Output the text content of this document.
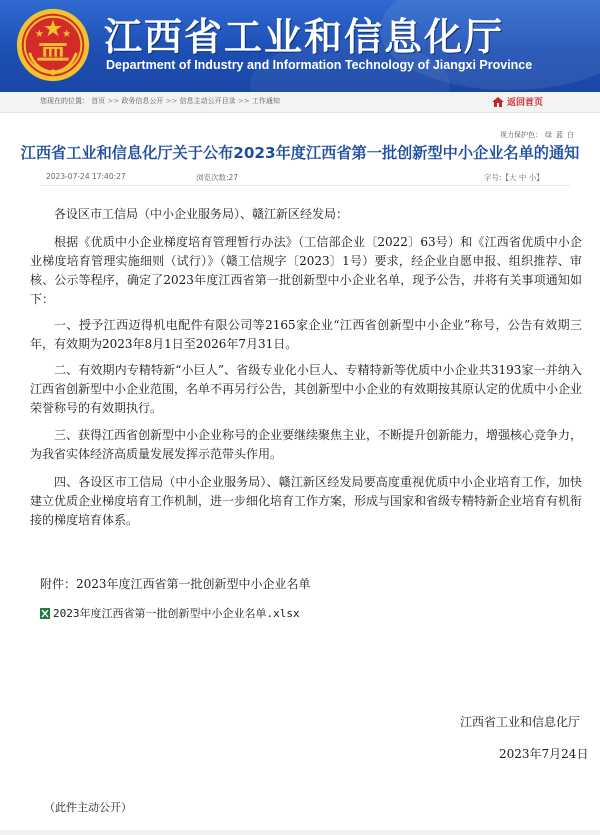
江西省工业和信息化厅
Department of Industry and Information Technology of Jiangxi Province
您现在的位置： 首页 >> 政务信息公开 >> 信息主动公开目录 >> 工作通知	返回首页
视力保护色： 绿 蓝 白
江西省工业和信息化厅关于公布2023年度江西省第一批创新型中小企业名单的通知
2023-07-24 17:40:27	浏览次数:27	字号:【大 中 小】
各设区市工信局（中小企业服务局）、赣江新区经发局：
根据《优质中小企业梯度培育管理暂行办法》（工信部企业〔2022〕63号）和《江西省优质中小企业梯度培育管理实施细则（试行）》（赣工信规字〔2023〕1号）要求，经企业自愿申报、组织推荐、审核、公示等程序，确定了2023年度江西省第一批创新型中小企业名单，现予公告，并将有关事项通知如下：
一、授予江西迈得机电配件有限公司等2165家企业“江西省创新型中小企业”称号，公告有效期三年，有效期为2023年8月1日至2026年7月31日。
二、有效期内专精特新“小巨人”、省级专业化小巨人、专精特新等优质中小企业共3193家一并纳入江西省创新型中小企业范围，名单不再另行公告，其创新型中小企业的有效期按其原认定的优质中小企业荣誉称号的有效期执行。
三、获得江西省创新型中小企业称号的企业要继续聚焦主业，不断提升创新能力，增强核心竞争力，为我省实体经济高质量发展发挥示范带头作用。
四、各设区市工信局（中小企业服务局）、赣江新区经发局要高度重视优质中小企业培育工作，加快建立优质企业梯度培育工作机制，进一步细化培育工作方案，形成与国家和省级专精特新企业培育有机衔接的梯度培育体系。
附件：2023年度江西省第一批创新型中小企业名单
2023年度江西省第一批创新型中小企业名单.xlsx
江西省工业和信息化厅
2023年7月24日
（此件主动公开）
